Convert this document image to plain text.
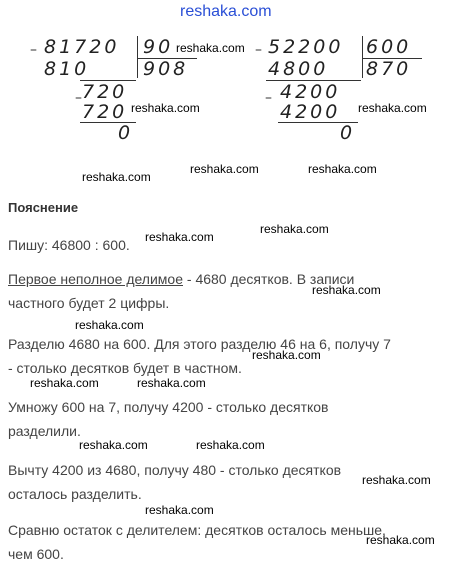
reshaka.com
– 81720 90
810	908
– 720
720
0
– 52200 600
4800 870
– 4200
4200
0
Пояснение
Пишу: 46800 : 600.
Первое неполное делимое - 4680 десятков. В записи
частного будет 2 цифры.
Разделю 4680 на 600. Для этого разделю 46 на 6, получу 7
- столько десятков будет в частном.
Умножу 600 на 7, получу 4200 - столько десятков
разделили.
Вычту 4200 из 4680, получу 480 - столько десятков
осталось разделить.
Сравню остаток с делителем: десятков осталось меньше,
чем 600.
reshaka.com
reshaka.com	reshaka.com
reshaka.com
reshaka.com	reshaka.com
reshaka.com
reshaka.com
reshaka.com
reshaka.com
reshaka.com
reshaka.com	reshaka.com
reshaka.com	reshaka.com
reshaka.com
reshaka.com
reshaka.com
